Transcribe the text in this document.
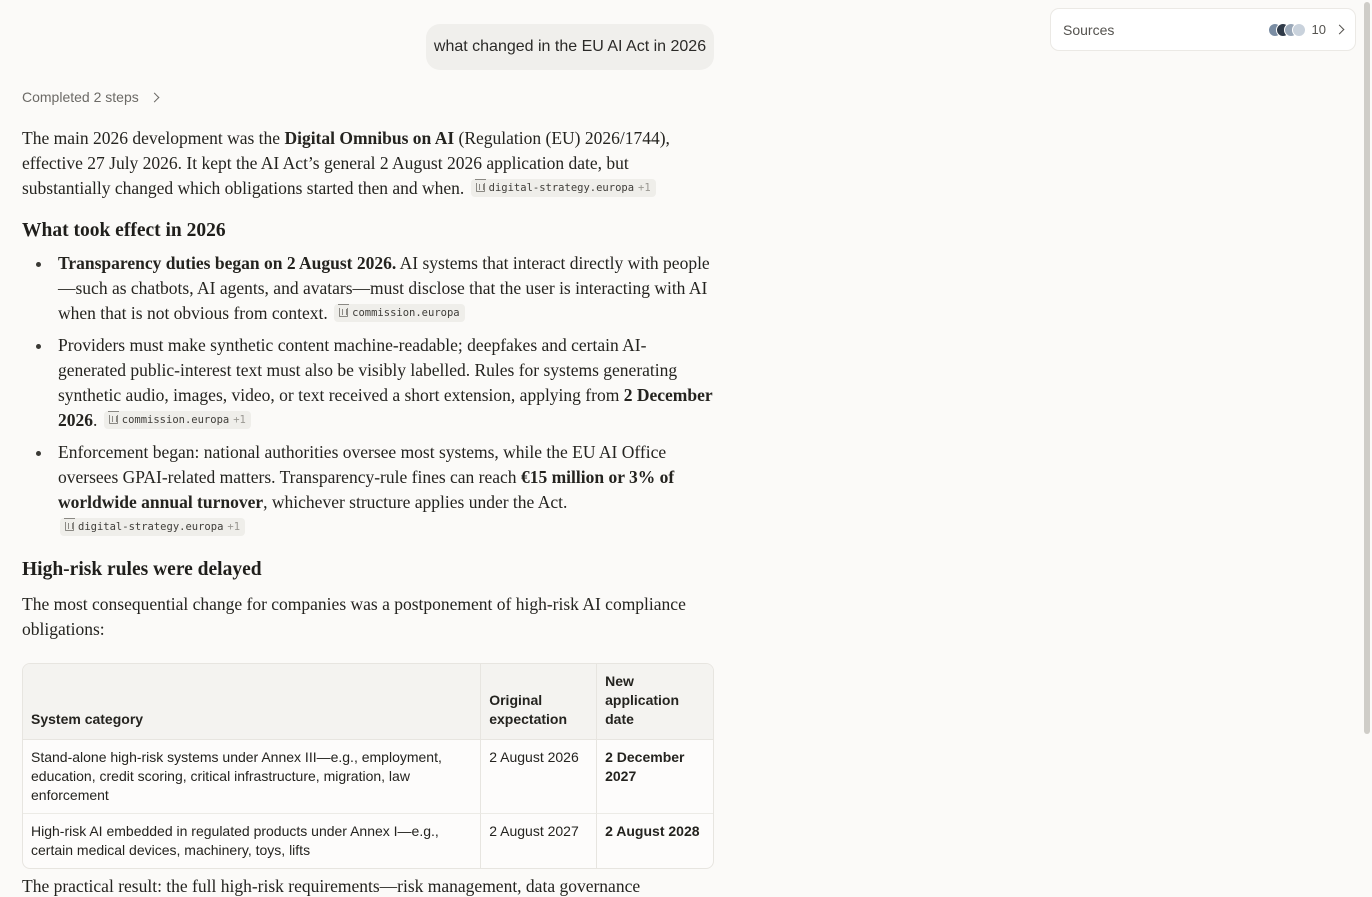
what changed in the EU AI Act in 2026
Sources	10
Completed 2 steps

The main 2026 development was the Digital Omnibus on AI (Regulation (EU) 2026/1744), effective 27 July 2026. It kept the AI Act’s general 2 August 2026 application date, but substantially changed which obligations started then and when. digital-strategy.europa +1

What took effect in 2026
Transparency duties began on 2 August 2026. AI systems that interact directly with people—such as chatbots, AI agents, and avatars—must disclose that the user is interacting with AI when that is not obvious from context. commission.europa
Providers must make synthetic content machine-readable; deepfakes and certain AI-generated public-interest text must also be visibly labelled. Rules for systems generating synthetic audio, images, video, or text received a short extension, applying from 2 December 2026. commission.europa +1
Enforcement began: national authorities oversee most systems, while the EU AI Office oversees GPAI-related matters. Transparency-rule fines can reach €15 million or 3% of worldwide annual turnover, whichever structure applies under the Act.
digital-strategy.europa +1
High-risk rules were delayed

The most consequential change for companies was a postponement of high-risk AI compliance obligations:

System category	Original expectation	New application date
Stand-alone high-risk systems under Annex III—e.g., employment, education, credit scoring, critical infrastructure, migration, law enforcement	2 August 2026	2 December 2027
High-risk AI embedded in regulated products under Annex I—e.g., certain medical devices, machinery, toys, lifts	2 August 2027	2 August 2028
The practical result: the full high-risk requirements—risk management, data governance
